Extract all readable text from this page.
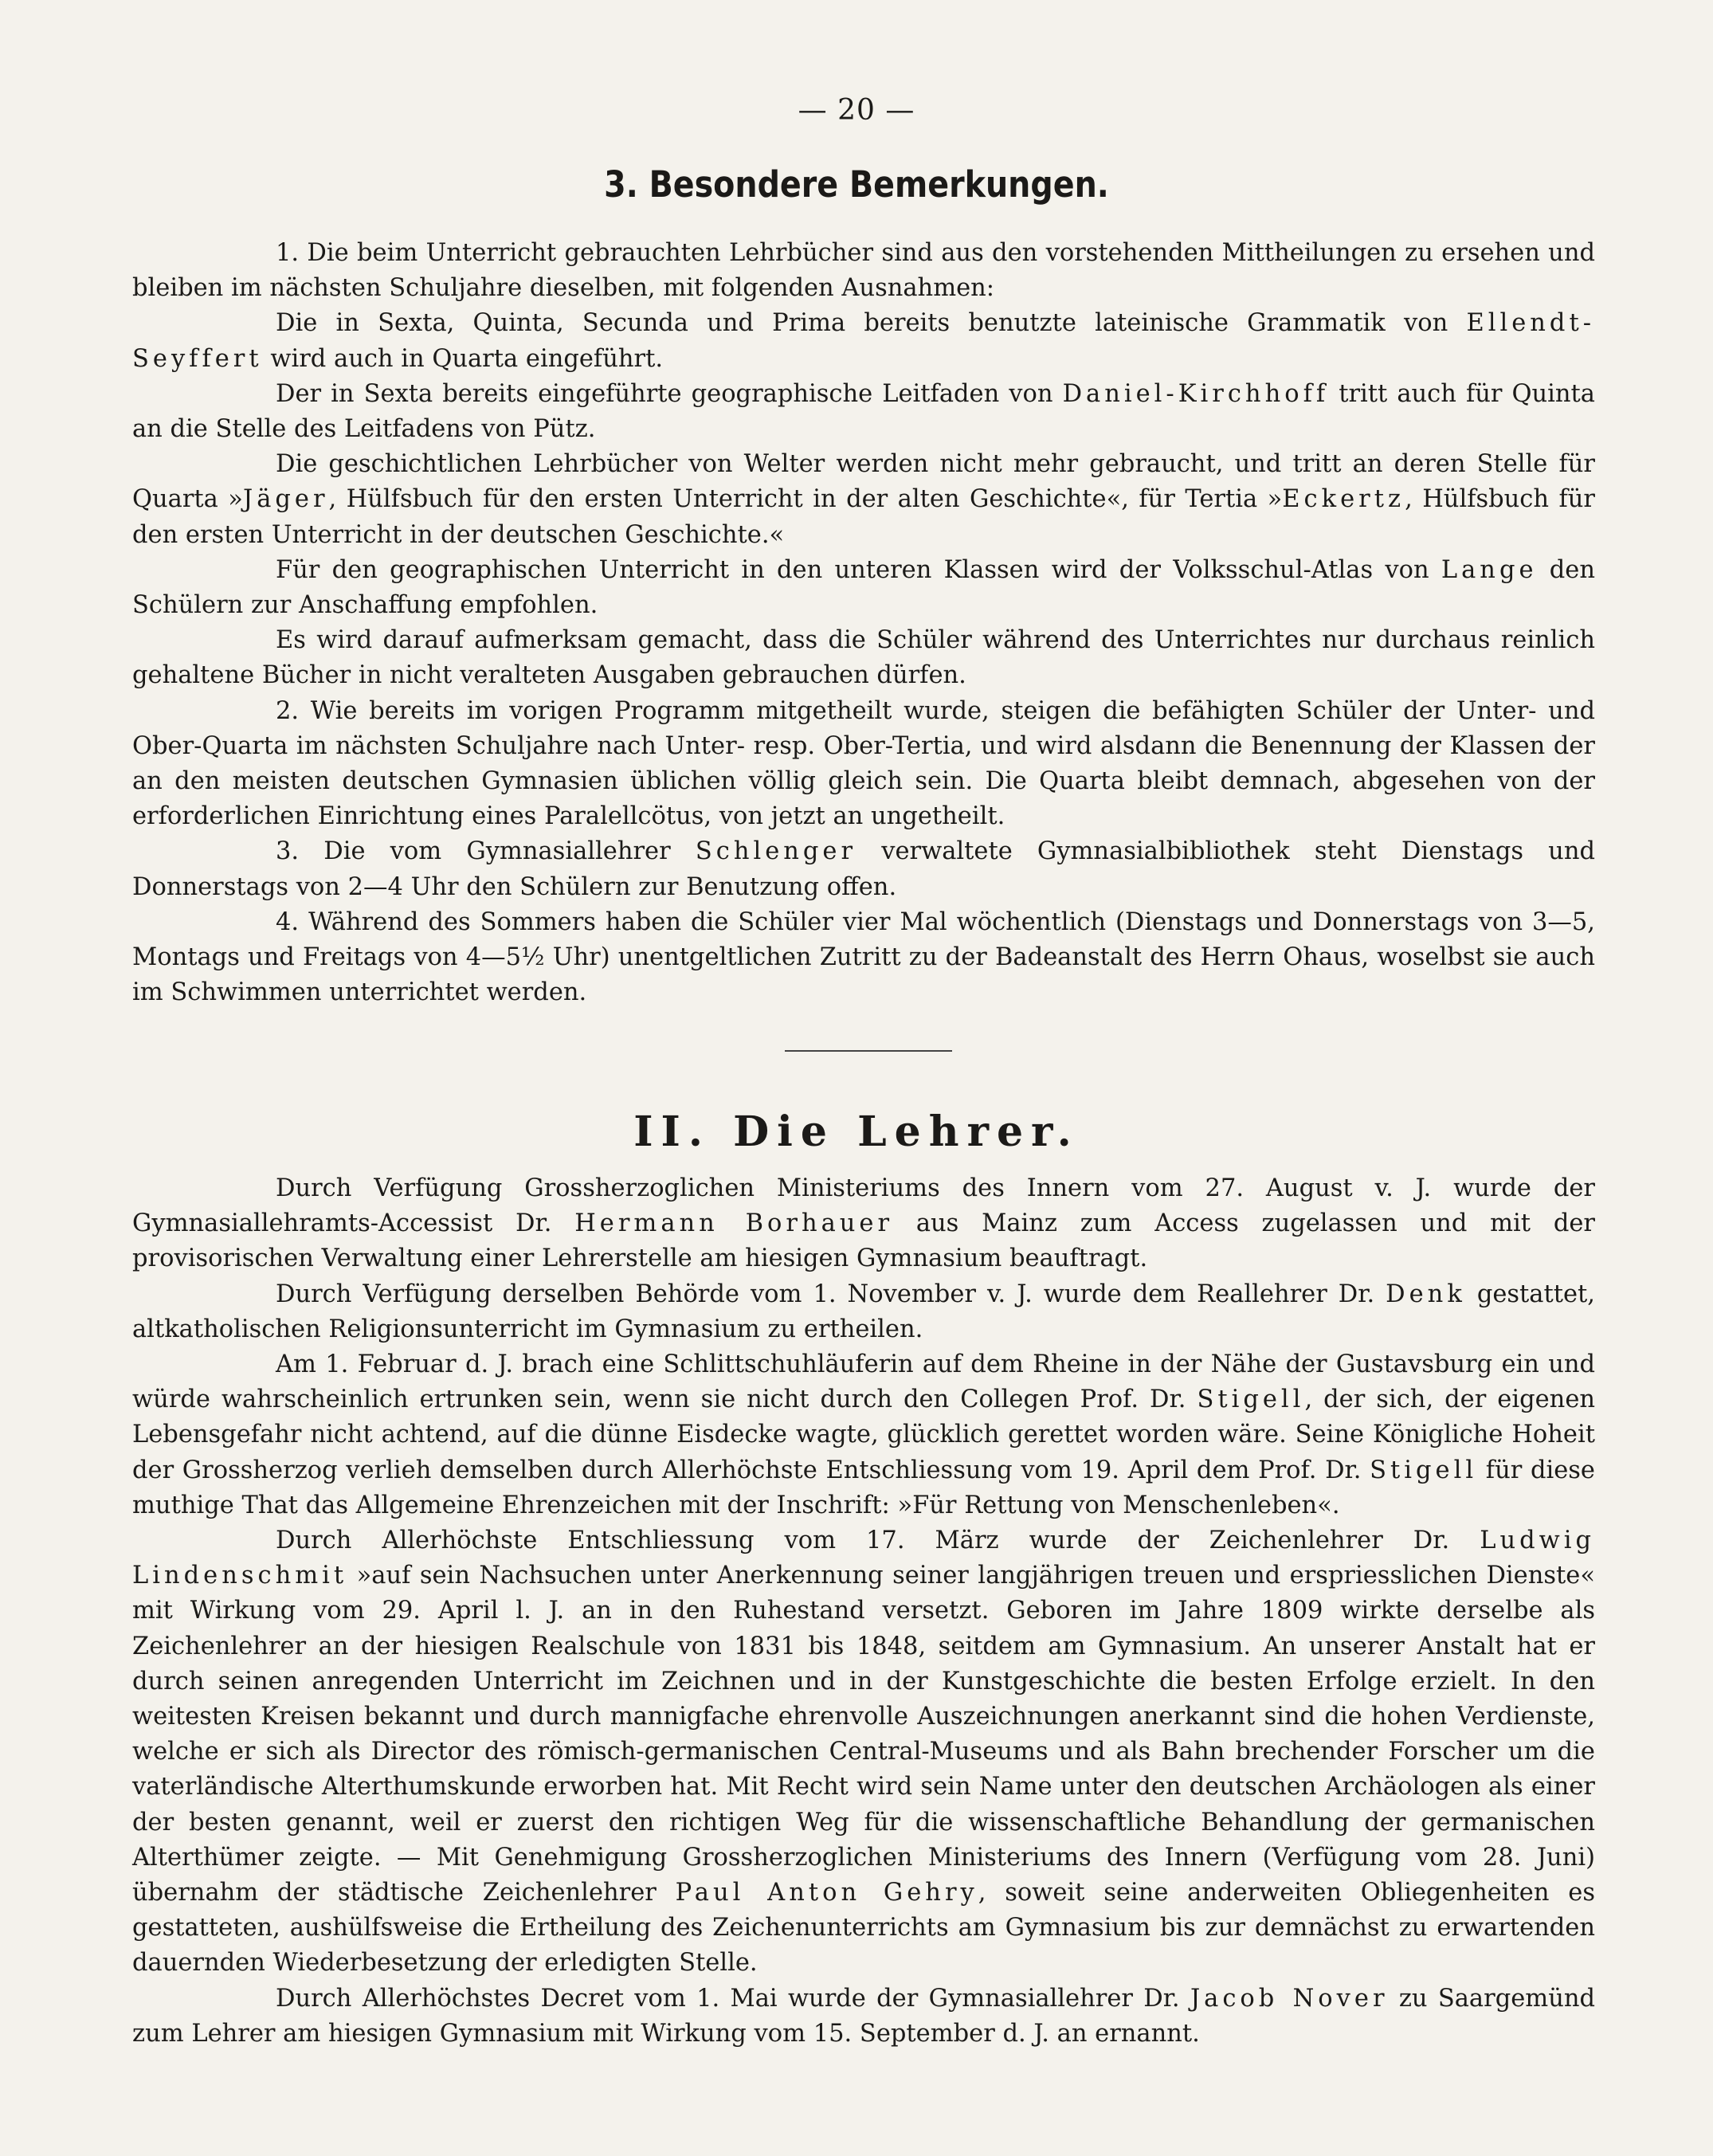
— 20 —
3. Besondere Bemerkungen.

1. Die beim Unterricht gebrauchten Lehrbücher sind aus den vorstehenden Mittheilungen zu ersehen und bleiben im nächsten Schuljahre dieselben, mit folgenden Ausnahmen:

Die in Sexta, Quinta, Secunda und Prima bereits benutzte lateinische Grammatik von Ellendt-Seyffert wird auch in Quarta eingeführt.

Der in Sexta bereits eingeführte geographische Leitfaden von Daniel-Kirchhoff tritt auch für Quinta an die Stelle des Leitfadens von Pütz.

Die geschichtlichen Lehrbücher von Welter werden nicht mehr gebraucht, und tritt an deren Stelle für Quarta »Jäger, Hülfsbuch für den ersten Unterricht in der alten Geschichte«, für Tertia »Eckertz, Hülfsbuch für den ersten Unterricht in der deutschen Geschichte.«

Für den geographischen Unterricht in den unteren Klassen wird der Volksschul-Atlas von Lange den Schülern zur Anschaffung empfohlen.

Es wird darauf aufmerksam gemacht, dass die Schüler während des Unterrichtes nur durchaus reinlich gehaltene Bücher in nicht veralteten Ausgaben gebrauchen dürfen.

2. Wie bereits im vorigen Programm mitgetheilt wurde, steigen die befähigten Schüler der Unter- und Ober-Quarta im nächsten Schuljahre nach Unter- resp. Ober-Tertia, und wird alsdann die Benennung der Klassen der an den meisten deutschen Gymnasien üblichen völlig gleich sein. Die Quarta bleibt demnach, abgesehen von der erforderlichen Einrichtung eines Paralellcötus, von jetzt an ungetheilt.

3. Die vom Gymnasiallehrer Schlenger verwaltete Gymnasialbibliothek steht Dienstags und Donnerstags von 2—4 Uhr den Schülern zur Benutzung offen.

4. Während des Sommers haben die Schüler vier Mal wöchentlich (Dienstags und Donnerstags von 3—5, Montags und Freitags von 4—5½ Uhr) unentgeltlichen Zutritt zu der Badeanstalt des Herrn Ohaus, woselbst sie auch im Schwimmen unterrichtet werden.

II. Die Lehrer.

Durch Verfügung Grossherzoglichen Ministeriums des Innern vom 27. August v. J. wurde der Gymnasiallehramts-Accessist Dr. Hermann Borhauer aus Mainz zum Access zugelassen und mit der provisorischen Verwaltung einer Lehrerstelle am hiesigen Gymnasium beauftragt.

Durch Verfügung derselben Behörde vom 1. November v. J. wurde dem Reallehrer Dr. Denk gestattet, altkatholischen Religionsunterricht im Gymnasium zu ertheilen.

Am 1. Februar d. J. brach eine Schlittschuhläuferin auf dem Rheine in der Nähe der Gustavsburg ein und würde wahrscheinlich ertrunken sein, wenn sie nicht durch den Collegen Prof. Dr. Stigell, der sich, der eigenen Lebensgefahr nicht achtend, auf die dünne Eisdecke wagte, glücklich gerettet worden wäre. Seine Königliche Hoheit der Grossherzog verlieh demselben durch Allerhöchste Entschliessung vom 19. April dem Prof. Dr. Stigell für diese muthige That das Allgemeine Ehrenzeichen mit der Inschrift: »Für Rettung von Menschenleben«.

Durch Allerhöchste Entschliessung vom 17. März wurde der Zeichenlehrer Dr. Ludwig Lindenschmit »auf sein Nachsuchen unter Anerkennung seiner langjährigen treuen und erspriesslichen Dienste« mit Wirkung vom 29. April l. J. an in den Ruhestand versetzt. Geboren im Jahre 1809 wirkte derselbe als Zeichenlehrer an der hiesigen Realschule von 1831 bis 1848, seitdem am Gymnasium. An unserer Anstalt hat er durch seinen anregenden Unterricht im Zeichnen und in der Kunstgeschichte die besten Erfolge erzielt. In den weitesten Kreisen bekannt und durch mannigfache ehrenvolle Auszeichnungen anerkannt sind die hohen Verdienste, welche er sich als Director des römisch-germanischen Central-Museums und als Bahn brechender Forscher um die vaterländische Alterthumskunde erworben hat. Mit Recht wird sein Name unter den deutschen Archäologen als einer der besten genannt, weil er zuerst den richtigen Weg für die wissenschaftliche Behandlung der germanischen Alterthümer zeigte. — Mit Genehmigung Grossherzoglichen Ministeriums des Innern (Verfügung vom 28. Juni) übernahm der städtische Zeichenlehrer Paul Anton Gehry, soweit seine anderweiten Obliegenheiten es gestatteten, aushülfsweise die Ertheilung des Zeichenunterrichts am Gymnasium bis zur demnächst zu erwartenden dauernden Wiederbesetzung der erledigten Stelle.

Durch Allerhöchstes Decret vom 1. Mai wurde der Gymnasiallehrer Dr. Jacob Nover zu Saargemünd zum Lehrer am hiesigen Gymnasium mit Wirkung vom 15. September d. J. an ernannt.
